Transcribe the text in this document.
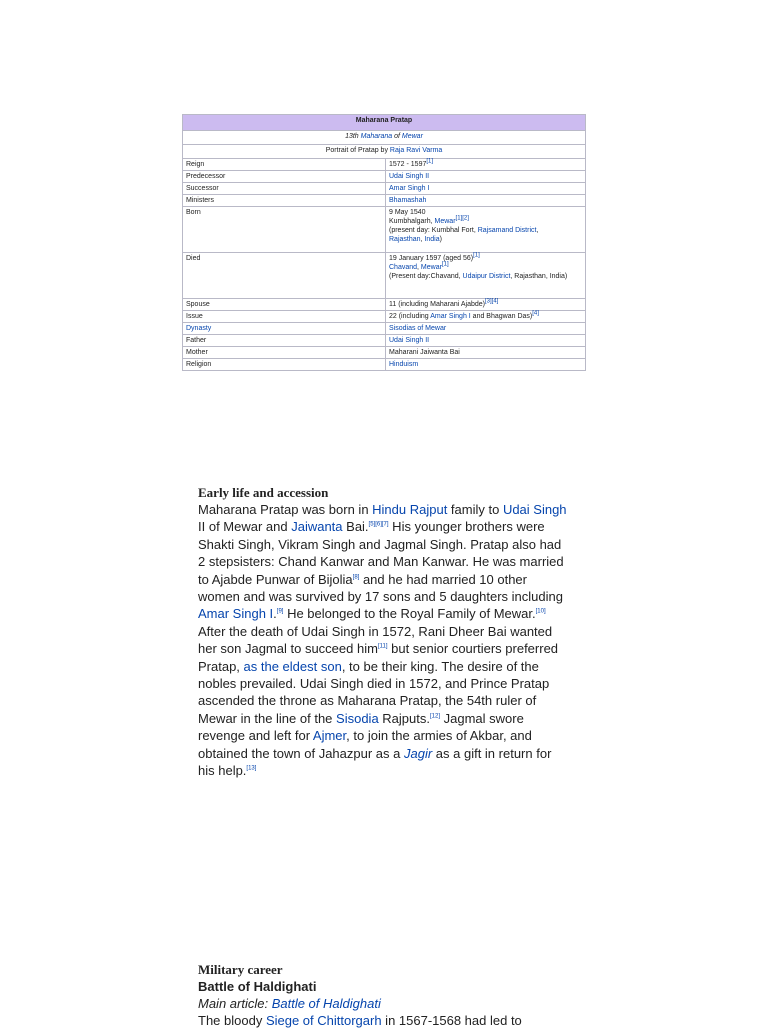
Maharana Pratap	
13th Maharana of Mewar	
Portrait of Pratap by Raja Ravi Varma	
Reign	1572 - 1597[1]
Predecessor	Udai Singh II
Successor	Amar Singh I
Ministers	Bhamashah
Born	9 May 1540
Kumbhalgarh, Mewar[1][2]
(present day: Kumbhal Fort, Rajsamand District,
Rajasthan, India)
Died	19 January 1597 (aged 56)[1]
Chavand, Mewar[1]
(Present day:Chavand, Udaipur District, Rajasthan, India)
Spouse	11 (including Maharani Ajabde)[3][4]
Issue	22 (including Amar Singh I and Bhagwan Das)[4]
Dynasty	Sisodias of Mewar
Father	Udai Singh II
Mother	Maharani Jaiwanta Bai
Religion	Hinduism
Early life and accession

Maharana Pratap was born in Hindu Rajput family to Udai Singh II of Mewar and Jaiwanta Bai.[5][6][7] His younger brothers were Shakti Singh, Vikram Singh and Jagmal Singh. Pratap also had 2 stepsisters: Chand Kanwar and Man Kanwar. He was married to Ajabde Punwar of Bijolia[8] and he had married 10 other women and was survived by 17 sons and 5 daughters including Amar Singh I.[9] He belonged to the Royal Family of Mewar.[10] After the death of Udai Singh in 1572, Rani Dheer Bai wanted her son Jagmal to succeed him[11] but senior courtiers preferred Pratap, as the eldest son, to be their king. The desire of the nobles prevailed. Udai Singh died in 1572, and Prince Pratap ascended the throne as Maharana Pratap, the 54th ruler of Mewar in the line of the Sisodia Rajputs.[12] Jagmal swore revenge and left for Ajmer, to join the armies of Akbar, and obtained the town of Jahazpur as a Jagir as a gift in return for his help.[13]

Military career
Battle of Haldighati

Main article: Battle of Haldighati

The bloody Siege of Chittorgarh in 1567-1568 had led to
